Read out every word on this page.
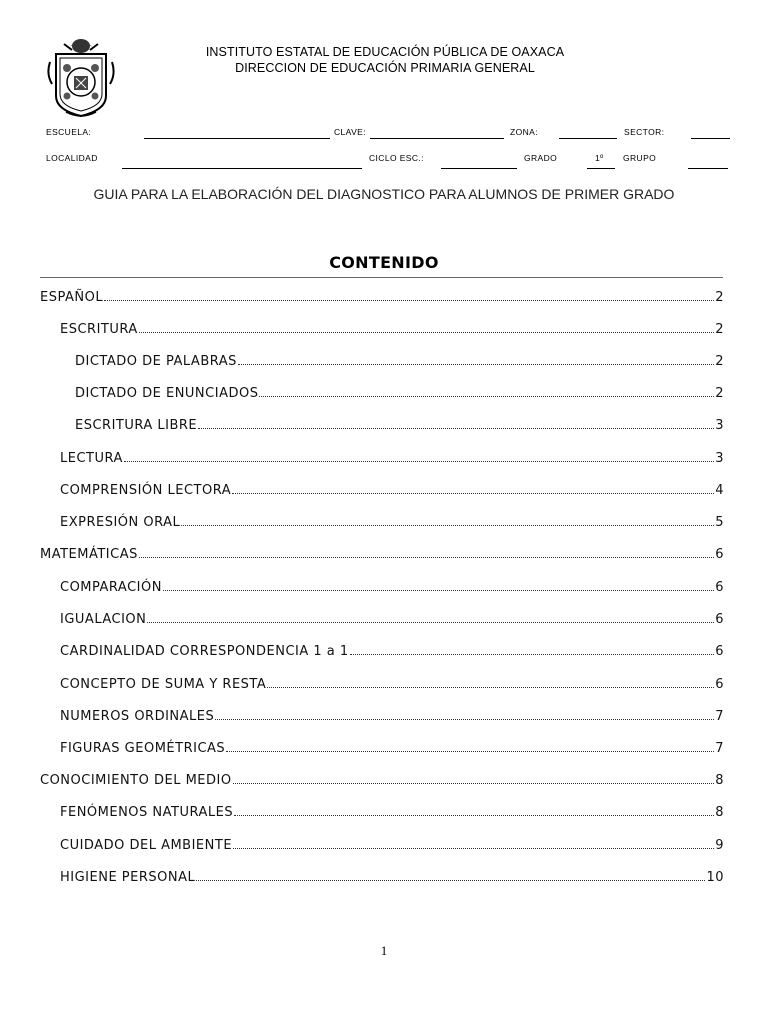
INSTITUTO ESTATAL DE EDUCACIÓN PÚBLICA DE OAXACA
DIRECCION DE EDUCACIÓN PRIMARIA GENERAL
ESCUELA:	CLAVE:	ZONA:	SECTOR:
LOCALIDAD	CICLO ESC.:	GRADO	1º GRUPO
GUIA PARA LA ELABORACIÓN DEL DIAGNOSTICO PARA ALUMNOS DE PRIMER GRADO
CONTENIDO
ESPAÑOL	2
ESCRITURA	2
DICTADO DE PALABRAS	2
DICTADO DE ENUNCIADOS	2
ESCRITURA LIBRE	3
LECTURA	3
COMPRENSIÓN LECTORA	4
EXPRESIÓN ORAL	5
MATEMÁTICAS	6
COMPARACIÓN	6
IGUALACION	6
CARDINALIDAD CORRESPONDENCIA 1 a 1	6
CONCEPTO DE SUMA Y RESTA	6
NUMEROS ORDINALES	7
FIGURAS GEOMÉTRICAS	7
CONOCIMIENTO DEL MEDIO	8
FENÓMENOS NATURALES	8
CUIDADO DEL AMBIENTE	9
HIGIENE PERSONAL	10
1
